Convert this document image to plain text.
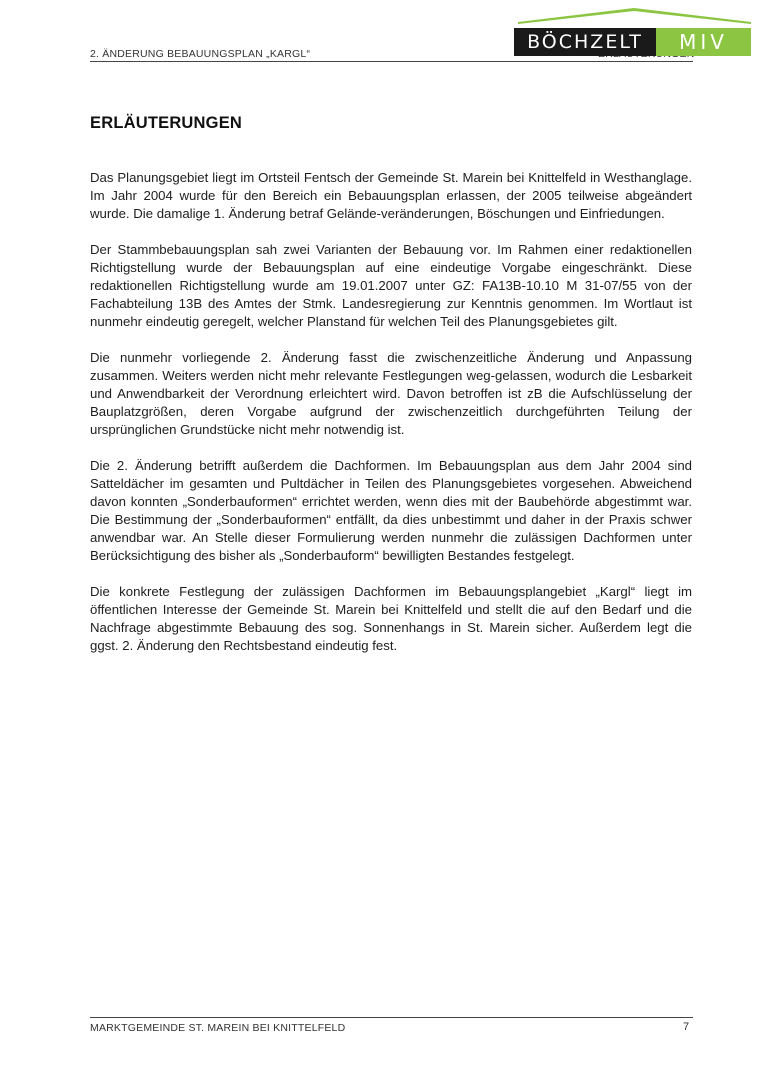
2. ÄNDERUNG BEBAUUNGSPLAN „KARGL“
BÖCHZELT	MIV
ERLÄUTERUNGEN

Das Planungsgebiet liegt im Ortsteil Fentsch der Gemeinde St. Marein bei Knittelfeld in Westhanglage. Im Jahr 2004 wurde für den Bereich ein Bebauungsplan erlassen, der 2005 teilweise abgeändert wurde. Die damalige 1. Änderung betraf Gelände-veränderungen, Böschungen und Einfriedungen.

Der Stammbebauungsplan sah zwei Varianten der Bebauung vor. Im Rahmen einer redaktionellen Richtigstellung wurde der Bebauungsplan auf eine eindeutige Vorgabe eingeschränkt. Diese redaktionellen Richtigstellung wurde am 19.01.2007 unter GZ: FA13B-10.10 M 31-07/55 von der Fachabteilung 13B des Amtes der Stmk. Landesregierung zur Kenntnis genommen. Im Wortlaut ist nunmehr eindeutig geregelt, welcher Planstand für welchen Teil des Planungsgebietes gilt.

Die nunmehr vorliegende 2. Änderung fasst die zwischenzeitliche Änderung und Anpassung zusammen. Weiters werden nicht mehr relevante Festlegungen weg-gelassen, wodurch die Lesbarkeit und Anwendbarkeit der Verordnung erleichtert wird. Davon betroffen ist zB die Aufschlüsselung der Bauplatzgrößen, deren Vorgabe aufgrund der zwischenzeitlich durchgeführten Teilung der ursprünglichen Grundstücke nicht mehr notwendig ist.

Die 2. Änderung betrifft außerdem die Dachformen. Im Bebauungsplan aus dem Jahr 2004 sind Satteldächer im gesamten und Pultdächer in Teilen des Planungsgebietes vorgesehen. Abweichend davon konnten „Sonderbauformen“ errichtet werden, wenn dies mit der Baubehörde abgestimmt war. Die Bestimmung der „Sonderbauformen“ entfällt, da dies unbestimmt und daher in der Praxis schwer anwendbar war. An Stelle dieser Formulierung werden nunmehr die zulässigen Dachformen unter Berücksichtigung des bisher als „Sonderbauform“ bewilligten Bestandes festgelegt.

Die konkrete Festlegung der zulässigen Dachformen im Bebauungsplangebiet „Kargl“ liegt im öffentlichen Interesse der Gemeinde St. Marein bei Knittelfeld und stellt die auf den Bedarf und die Nachfrage abgestimmte Bebauung des sog. Sonnenhangs in St. Marein sicher. Außerdem legt die ggst. 2. Änderung den Rechtsbestand eindeutig fest.

MARKTGEMEINDE ST. MAREIN BEI KNITTELFELD	7
